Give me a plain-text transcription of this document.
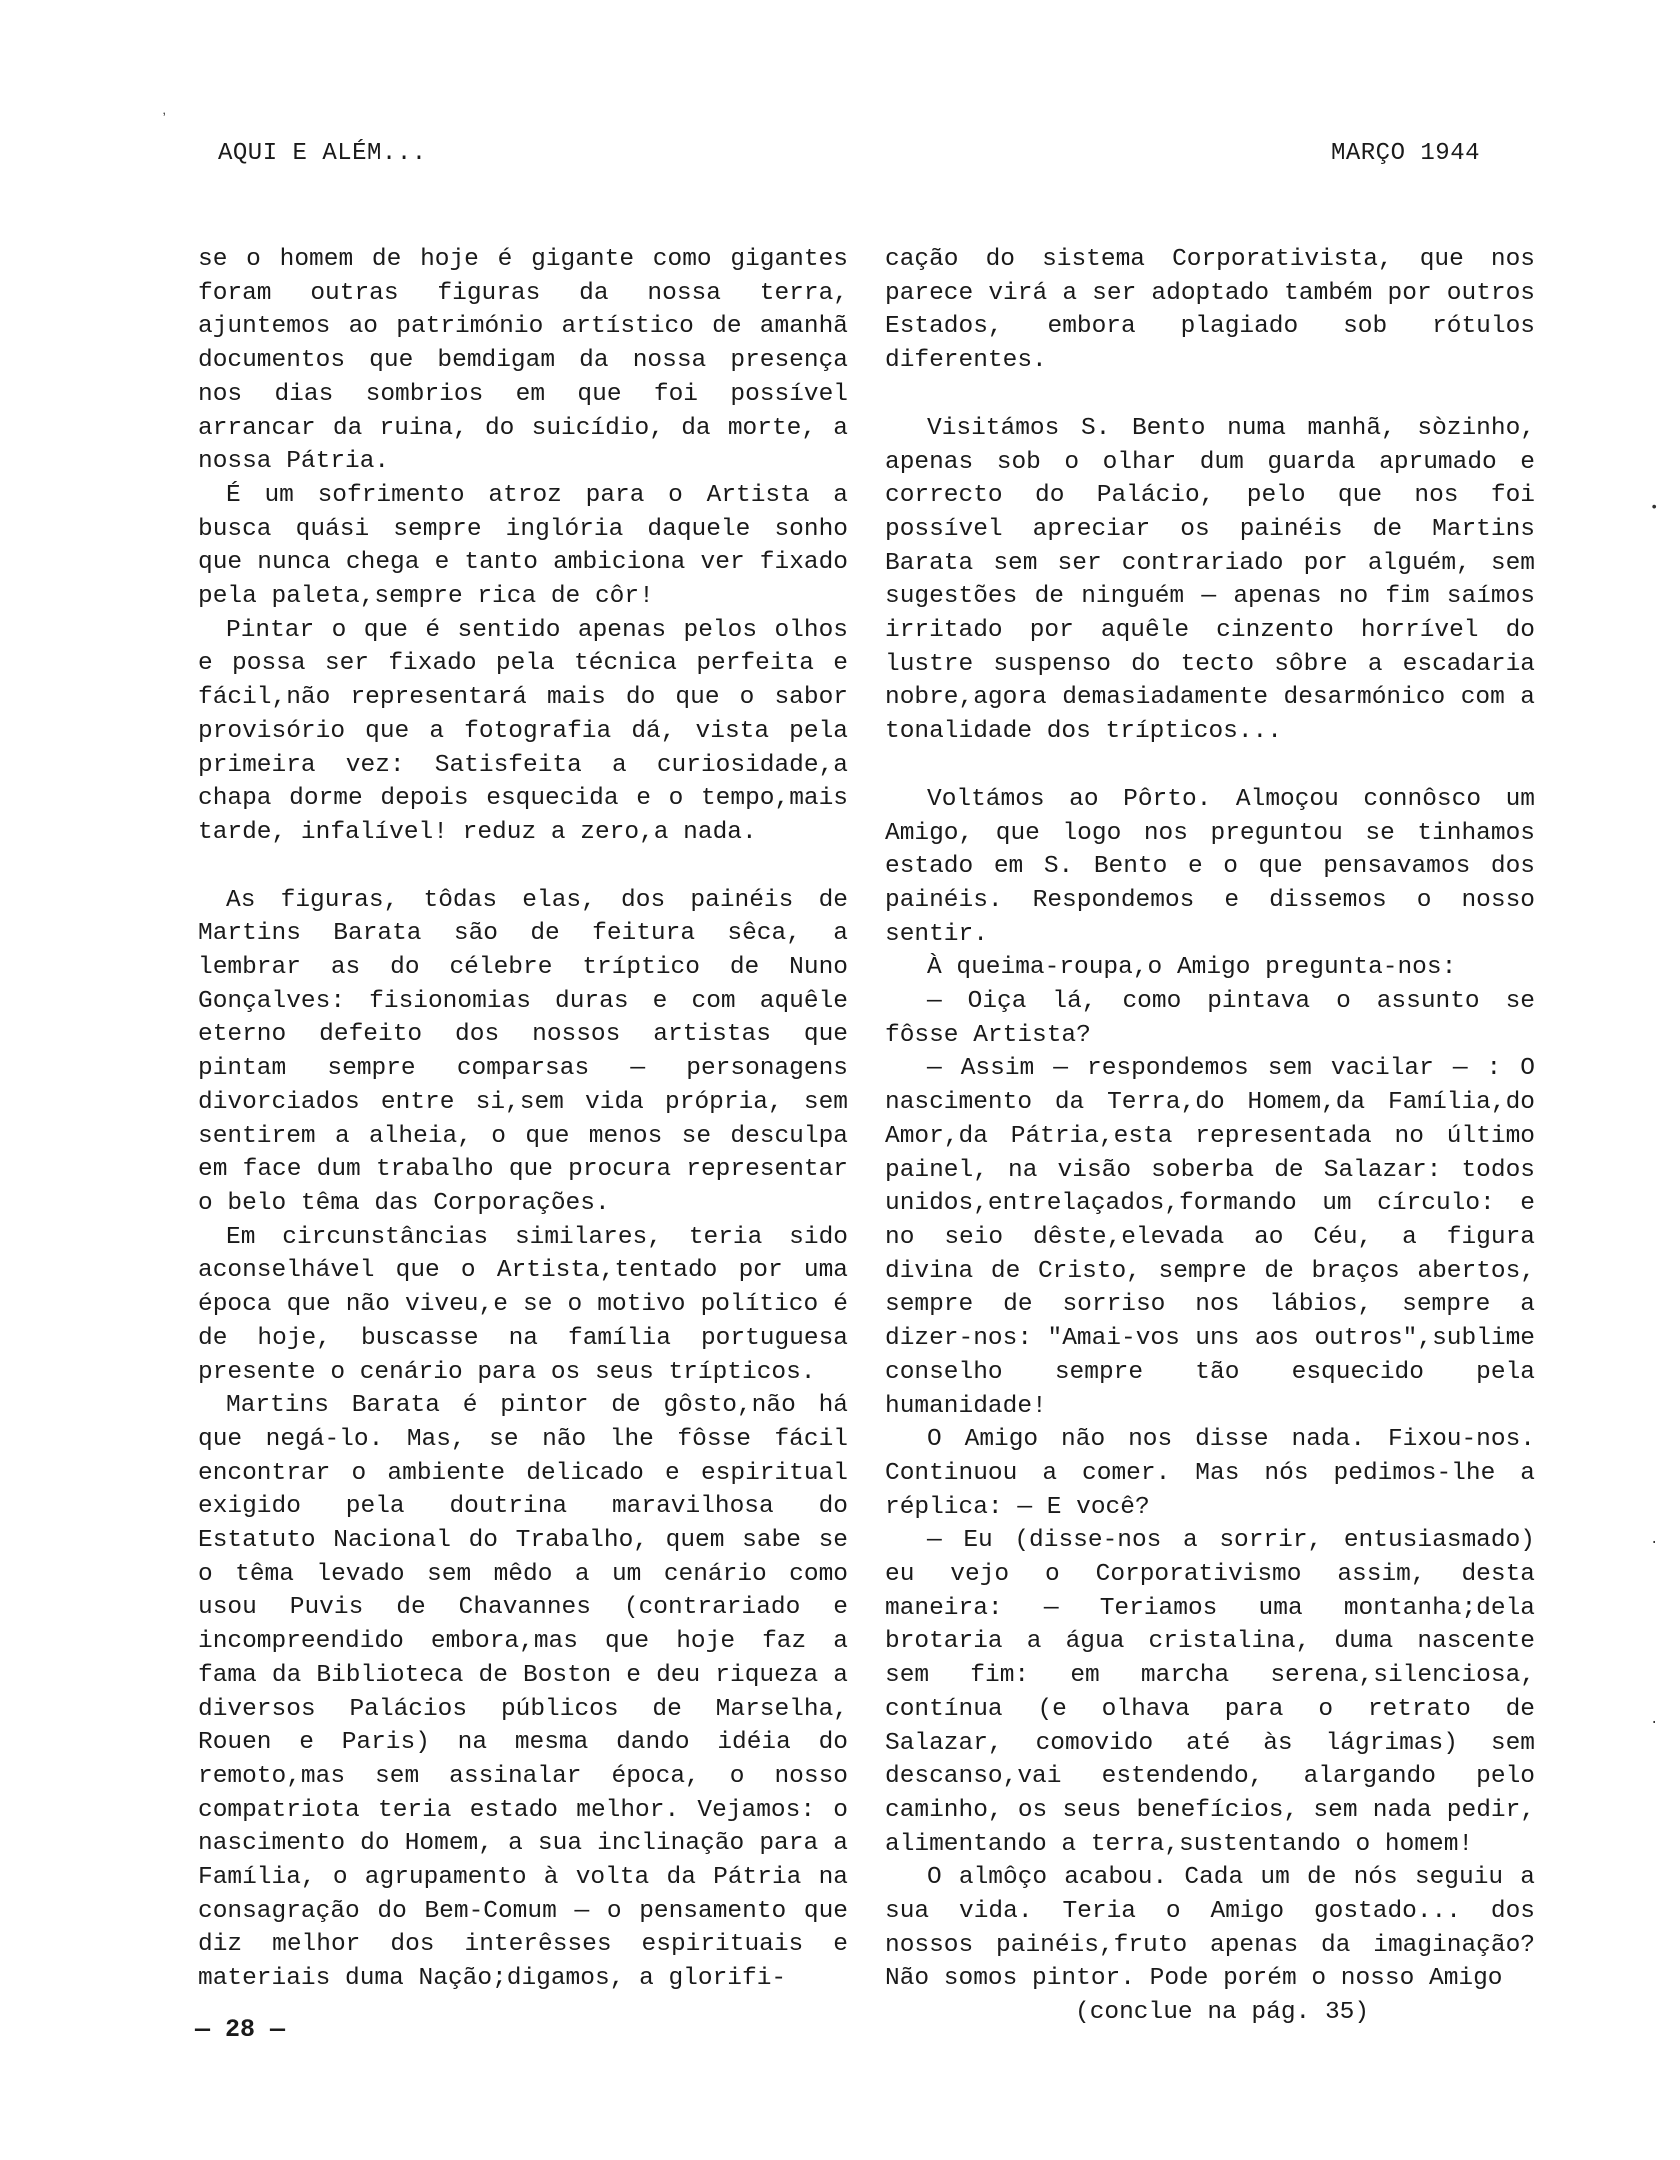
AQUI E ALÉM...	MARÇO 1944

se o homem de hoje é gigante como gigantes foram outras figuras da nossa terra, ajuntemos ao património artístico de amanhã documentos que bemdigam da nossa presença nos dias sombrios em que foi possível arrancar da ruina, do suicídio, da morte, a nossa Pátria.

É um sofrimento atroz para o Artista a busca quási sempre inglória daquele sonho que nunca chega e tanto ambiciona ver fixado pela paleta,sempre rica de côr!

Pintar o que é sentido apenas pelos olhos e possa ser fixado pela técnica perfeita e fácil,não representará mais do que o sabor provisório que a fotografia dá, vista pela primeira vez: Satisfeita a curiosidade,a chapa dorme depois esquecida e o tempo,mais tarde, infalível! reduz a zero,a nada.

As figuras, tôdas elas, dos painéis de Martins Barata são de feitura sêca, a lembrar as do célebre tríptico de Nuno Gonçalves: fisionomias duras e com aquêle eterno defeito dos nossos artistas que pintam sempre comparsas — personagens divorciados entre si,sem vida própria, sem sentirem a alheia, o que menos se desculpa em face dum trabalho que procura representar o belo têma das Corporações.

Em circunstâncias similares, teria sido aconselhável que o Artista,tentado por uma época que não viveu,e se o motivo político é de hoje, buscasse na família portuguesa presente o cenário para os seus trípticos.

Martins Barata é pintor de gôsto,não há que negá-lo. Mas, se não lhe fôsse fácil encontrar o ambiente delicado e espiritual exigido pela doutrina maravilhosa do Estatuto Nacional do Trabalho, quem sabe se o têma levado sem mêdo a um cenário como usou Puvis de Chavannes (contrariado e incompreendido embora,mas que hoje faz a fama da Biblioteca de Boston e deu riqueza a diversos Palácios públicos de Marselha, Rouen e Paris) na mesma dando idéia do remoto,mas sem assinalar época, o nosso compatriota teria estado melhor. Vejamos: o nascimento do Homem, a sua inclinação para a Família, o agrupamento à volta da Pátria na consagração do Bem-Comum — o pensamento que diz melhor dos interêsses espirituais e materiais duma Nação;digamos, a glorifi-

cação do sistema Corporativista, que nos parece virá a ser adoptado também por outros Estados, embora plagiado sob rótulos diferentes.

Visitámos S. Bento numa manhã, sòzinho, apenas sob o olhar dum guarda aprumado e correcto do Palácio, pelo que nos foi possível apreciar os painéis de Martins Barata sem ser contrariado por alguém, sem sugestões de ninguém — apenas no fim saímos irritado por aquêle cinzento horrível do lustre suspenso do tecto sôbre a escadaria nobre,agora demasiadamente desarmónico com a tonalidade dos trípticos...

Voltámos ao Pôrto. Almoçou connôsco um Amigo, que logo nos preguntou se tinhamos estado em S. Bento e o que pensavamos dos painéis. Respondemos e dissemos o nosso sentir.

À queima-roupa,o Amigo pregunta-nos:

— Oiça lá, como pintava o assunto se fôsse Artista?

— Assim — respondemos sem vacilar — : O nascimento da Terra,do Homem,da Família,do Amor,da Pátria,esta representada no último painel, na visão soberba de Salazar: todos unidos,entrelaçados,formando um círculo: e no seio dêste,elevada ao Céu, a figura divina de Cristo, sempre de braços abertos, sempre de sorriso nos lábios, sempre a dizer-nos: "Amai-vos uns aos outros",sublime conselho sempre tão esquecido pela humanidade!

O Amigo não nos disse nada. Fixou-nos. Continuou a comer. Mas nós pedimos-lhe a réplica: — E você?

— Eu (disse-nos a sorrir, entusiasmado) eu vejo o Corporativismo assim, desta maneira: — Teriamos uma montanha;dela brotaria a água cristalina, duma nascente sem fim: em marcha serena,silenciosa, contínua (e olhava para o retrato de Salazar, comovido até às lágrimas) sem descanso,vai estendendo, alargando pelo caminho, os seus benefícios, sem nada pedir, alimentando a terra,sustentando o homem!

O almôço acabou. Cada um de nós seguiu a sua vida. Teria o Amigo gostado... dos nossos painéis,fruto apenas da imaginação? Não somos pintor. Pode porém o nosso Amigo

(conclue na pág. 35)

— 28 —
ʼ
•
·
·
